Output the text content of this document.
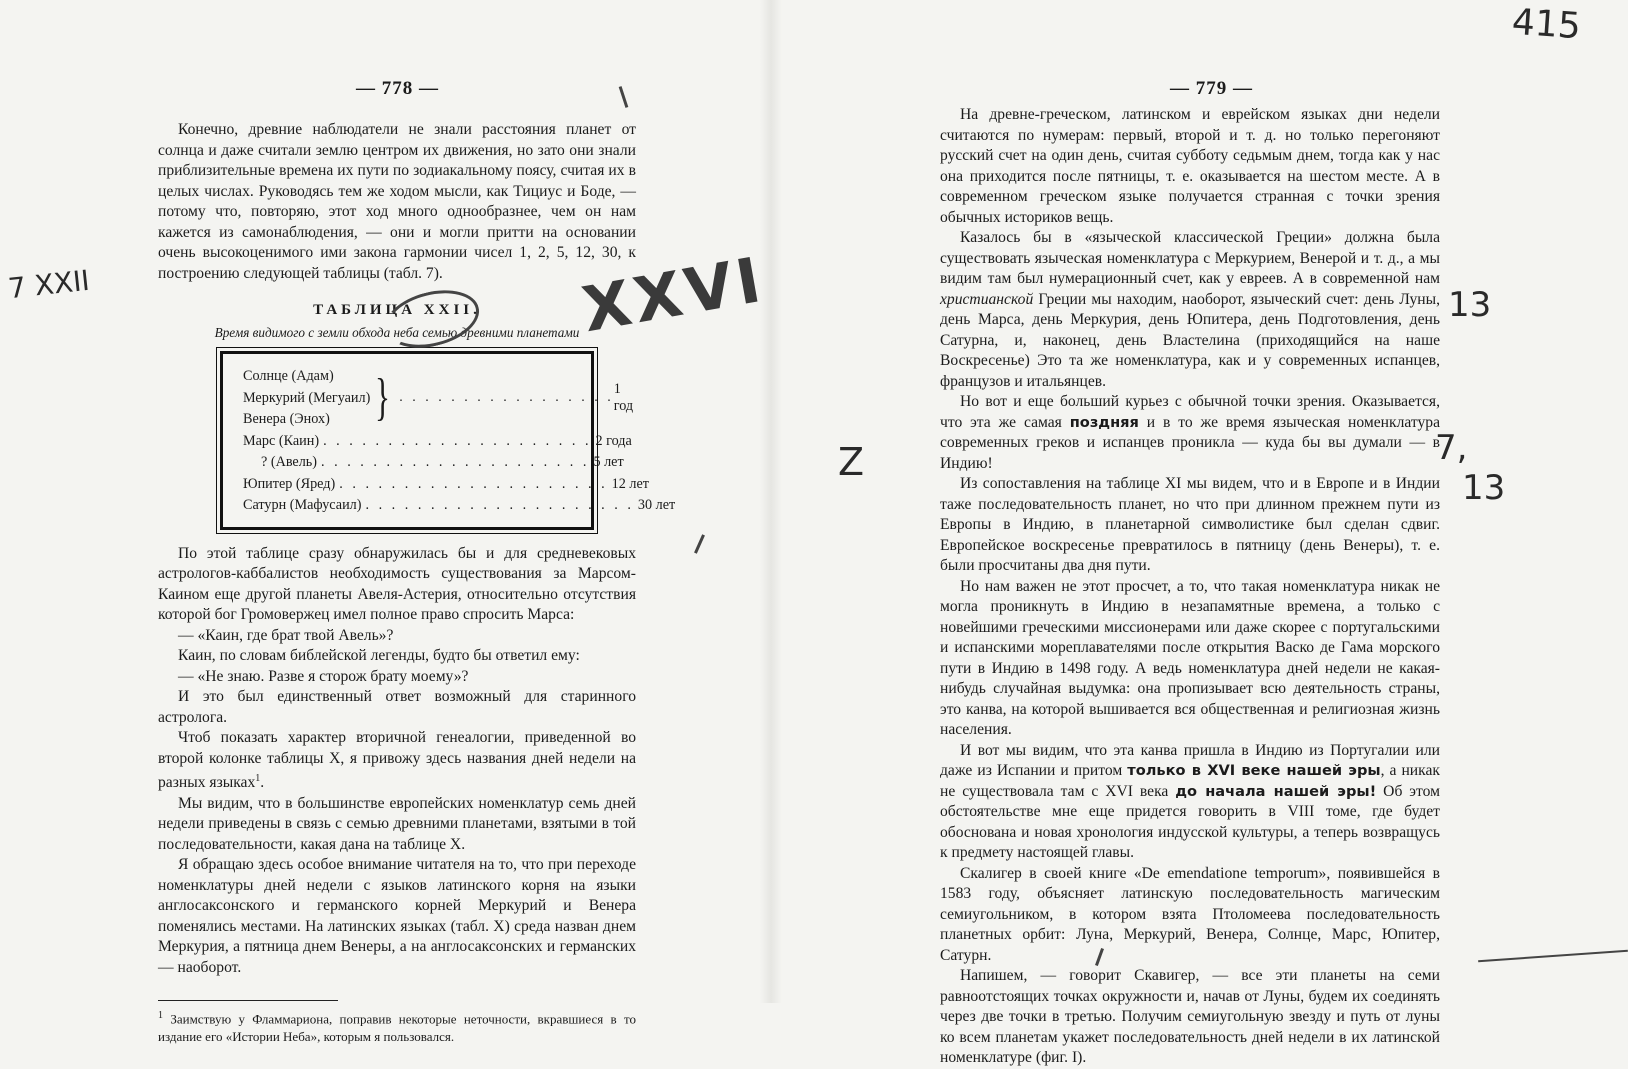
— 778 —

Конечно, древние наблюдатели не знали расстояния планет от солнца и даже считали землю центром их движения, но зато они знали приблизительные времена их пути по зодиакальному поясу, считая их в целых числах. Руководясь тем же ходом мысли, как Тициус и Боде, — потому что, повторяю, этот ход много однообразнее, чем он нам кажется из самонаблюдения, — они и могли притти на основании очень высокоценимого ими закона гармонии чисел 1, 2, 5, 12, 30, к построению следующей таблицы (табл. 7).

ТАБЛИЦА XXII.
Время видимого с земли обхода неба семью древними планетами
Солнце (Адам)
Меркурий (Мегуаил)
Венера (Энох) } . . . . . . . . . . . . . . . . .
1 год
Марс (Каин) . . . . . . . . . . . . . . . . . . . . . 2 года
? (Авель) . . . . . . . . . . . . . . . . . . . . . 5 лет
Юпитер (Яред) . . . . . . . . . . . . . . . . . . . . . 12 лет
Сатурн (Мафусаил) . . . . . . . . . . . . . . . . . . . . . 30 лет

По этой таблице сразу обнаружилась бы и для средневековых астрологов-каббалистов необходимость существования за Марсом-Каином еще другой планеты Авеля-Астерия, относительно отсутствия которой бог Громовержец имел полное право спросить Марса:

— «Каин, где брат твой Авель»?

Каин, по словам библейской легенды, будто бы ответил ему:

— «Не знаю. Разве я сторож брату моему»?

И это был единственный ответ возможный для старинного астролога.

Чтоб показать характер вторичной генеалогии, приведенной во второй колонке таблицы X, я привожу здесь названия дней недели на разных языках$^1$.

Мы видим, что в большинстве европейских номенклатур семь дней недели приведены в связь с семью древними планетами, взятыми в той последовательности, какая дана на таблице X.

Я обращаю здесь особое внимание читателя на то, что при переходе номенклатуры дней недели с языков латинского корня на языки англосаксонского и германского корней Меркурий и Венера поменялись местами. На латинских языках (табл. X) среда назван днем Меркурия, а пятница днем Венеры, а на англосаксонских и германских — наоборот.

$^1$ Заимствую у Фламмариона, поправив некоторые неточности, вкравшиеся в то издание его «Истории Неба», которым я пользовался.
— 779 —

На древне-греческом, латинском и еврейском языках дни недели считаются по нумерам: первый, второй и т. д. но только перегоняют русский счет на один день, считая субботу седьмым днем, тогда как у нас она приходится после пятницы, т. е. оказывается на шестом месте. А в современном греческом языке получается странная с точки зрения обычных историков вещь.

Казалось бы в «языческой классической Греции» должна была существовать языческая номенклатура с Меркурием, Венерой и т. д., а мы видим там был нумерационный счет, как у евреев. А в современной нам христианской Греции мы находим, наоборот, языческий счет: день Луны, день Марса, день Меркурия, день Юпитера, день Подготовления, день Сатурна, и, наконец, день Властелина (приходящийся на наше Воскресенье) Это та же номенклатура, как и у современных испанцев, французов и итальянцев.

Но вот и еще больший курьез с обычной точки зрения. Оказывается, что эта же самая поздняя и в то же время языческая номенклатура современных греков и испанцев проникла — куда бы вы думали — в Индию!

Из сопоставления на таблице XI мы видем, что и в Европе и в Индии таже последовательность планет, но что при длинном прежнем пути из Европы в Индию, в планетарной символистике был сделан сдвиг. Европейское воскресенье превратилось в пятницу (день Венеры), т. е. были просчитаны два дня пути.

Но нам важен не этот просчет, а то, что такая номенклатура никак не могла проникнуть в Индию в незапамятные времена, а только с новейшими греческими миссионерами или даже скорее с португальскими и испанскими мореплавателями после открытия Васко де Гама морского пути в Индию в 1498 году. А ведь номенклатура дней недели не какая-нибудь случайная выдумка: она пропизывает всю деятельность страны, это канва, на которой вышивается вся общественная и религиозная жизнь населения.

И вот мы видим, что эта канва пришла в Индию из Португалии или даже из Испании и притом только в XVI веке нашей эры, а никак не существовала там с XVI века до начала нашей эры! Об этом обстоятельстве мне еще придется говорить в VIII томе, где будет обоснована и новая хронология индусской культуры, а теперь возвращусь к предмету настоящей главы.

Скалигер в своей книге «De emendatione temporum», появившейся в 1583 году, объясняет латинскую последовательность магическим семиугольником, в котором взята Птоломеева последовательность планетных орбит: Луна, Меркурий, Венера, Солнце, Марс, Юпитер, Сатурн.

Напишем, — говорит Скавигер, — все эти планеты на семи равноотстоящих точках окружности и, начав от Луны, будем их соединять через две точки в третью. Получим семиугольную звезду и путь от луны ко всем планетам укажет последовательность дней недели в их латинской номенклатуре (фиг. I).

XXVI
7 XXII	13
7,
13
Z
415
